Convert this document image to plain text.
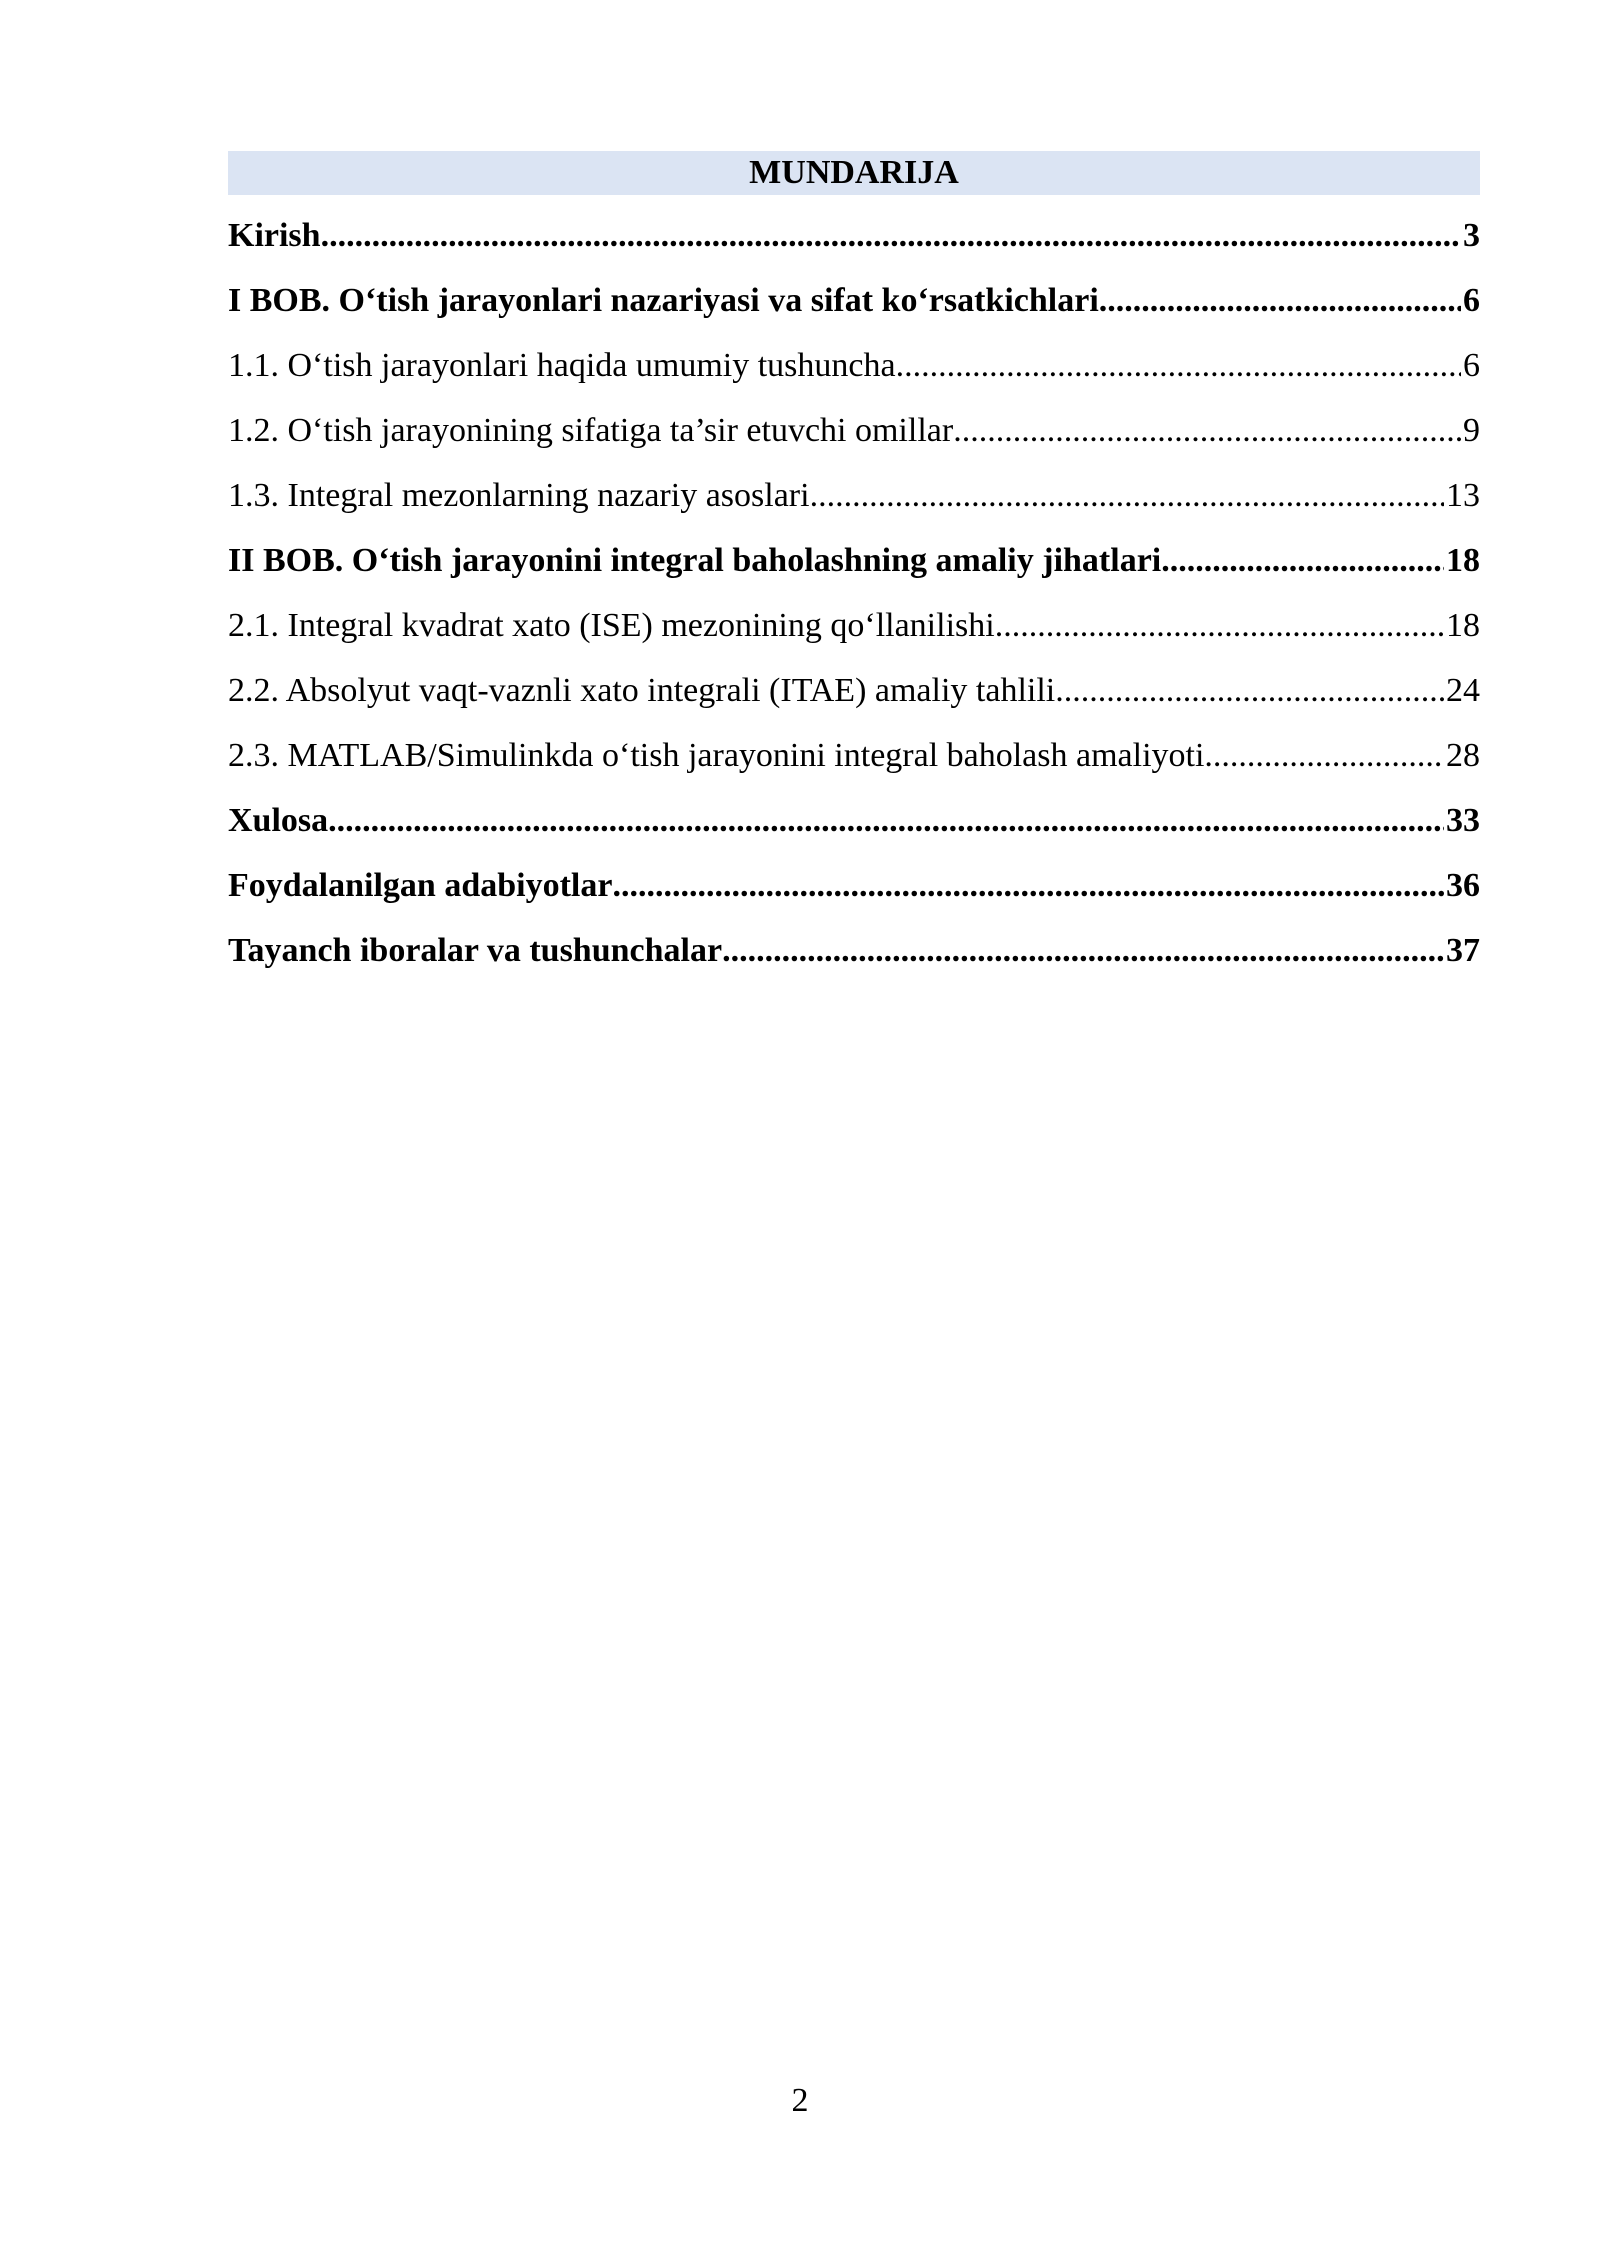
MUNDARIJA
Kirish .....	3
I BOB. O‘tish jarayonlari nazariyasi va sifat ko‘rsatkichlari .....	6
1.1. O‘tish jarayonlari haqida umumiy tushuncha .....	6
1.2. O‘tish jarayonining sifatiga ta’sir etuvchi omillar .....	9
1.3. Integral mezonlarning nazariy asoslari .....	13
II BOB. O‘tish jarayonini integral baholashning amaliy jihatlari .....	18
2.1. Integral kvadrat xato (ISE) mezonining qo‘llanilishi .....	18
2.2. Absolyut vaqt-vaznli xato integrali (ITAE) amaliy tahlili .....	24
2.3. MATLAB/Simulinkda o‘tish jarayonini integral baholash amaliyoti .....	28
Xulosa .....	33
Foydalanilgan adabiyotlar .....	36
Tayanch iboralar va tushunchalar .....	37
2
